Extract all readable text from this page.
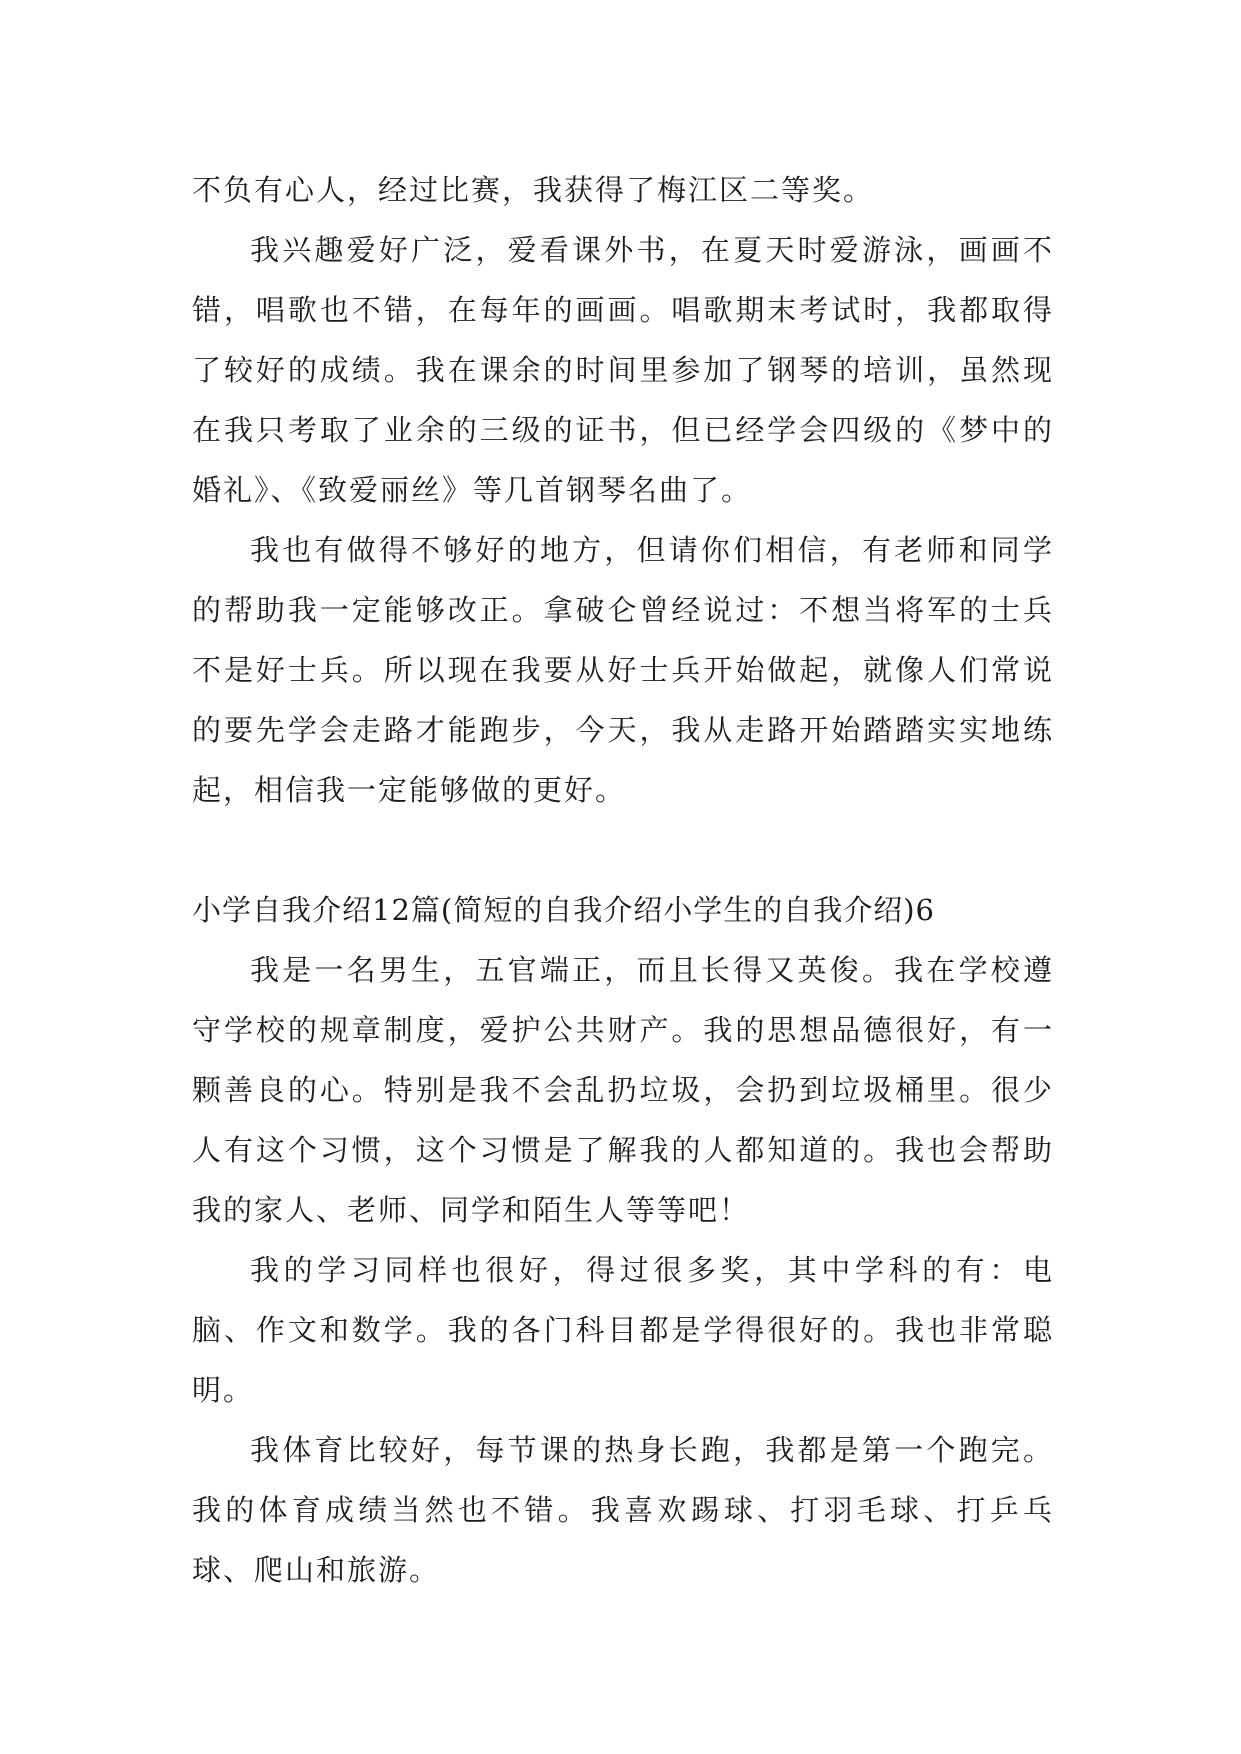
不负有心人，经过比赛，我获得了梅江区二等奖。

我兴趣爱好广泛，爱看课外书，在夏天时爱游泳，画画不错，唱歌也不错，在每年的画画。唱歌期末考试时，我都取得了较好的成绩。我在课余的时间里参加了钢琴的培训，虽然现在我只考取了业余的三级的证书，但已经学会四级的《梦中的婚礼》、《致爱丽丝》等几首钢琴名曲了。

我也有做得不够好的地方，但请你们相信，有老师和同学的帮助我一定能够改正。拿破仑曾经说过：不想当将军的士兵不是好士兵。所以现在我要从好士兵开始做起，就像人们常说的要先学会走路才能跑步，今天，我从走路开始踏踏实实地练起，相信我一定能够做的更好。

小学自我介绍12篇(简短的自我介绍小学生的自我介绍)6

我是一名男生，五官端正，而且长得又英俊。我在学校遵守学校的规章制度，爱护公共财产。我的思想品德很好，有一颗善良的心。特别是我不会乱扔垃圾，会扔到垃圾桶里。很少人有这个习惯，这个习惯是了解我的人都知道的。我也会帮助我的家人、老师、同学和陌生人等等吧！

我的学习同样也很好，得过很多奖，其中学科的有：电脑、作文和数学。我的各门科目都是学得很好的。我也非常聪明。

我体育比较好，每节课的热身长跑，我都是第一个跑完。我的体育成绩当然也不错。我喜欢踢球、打羽毛球、打乒乓球、爬山和旅游。
